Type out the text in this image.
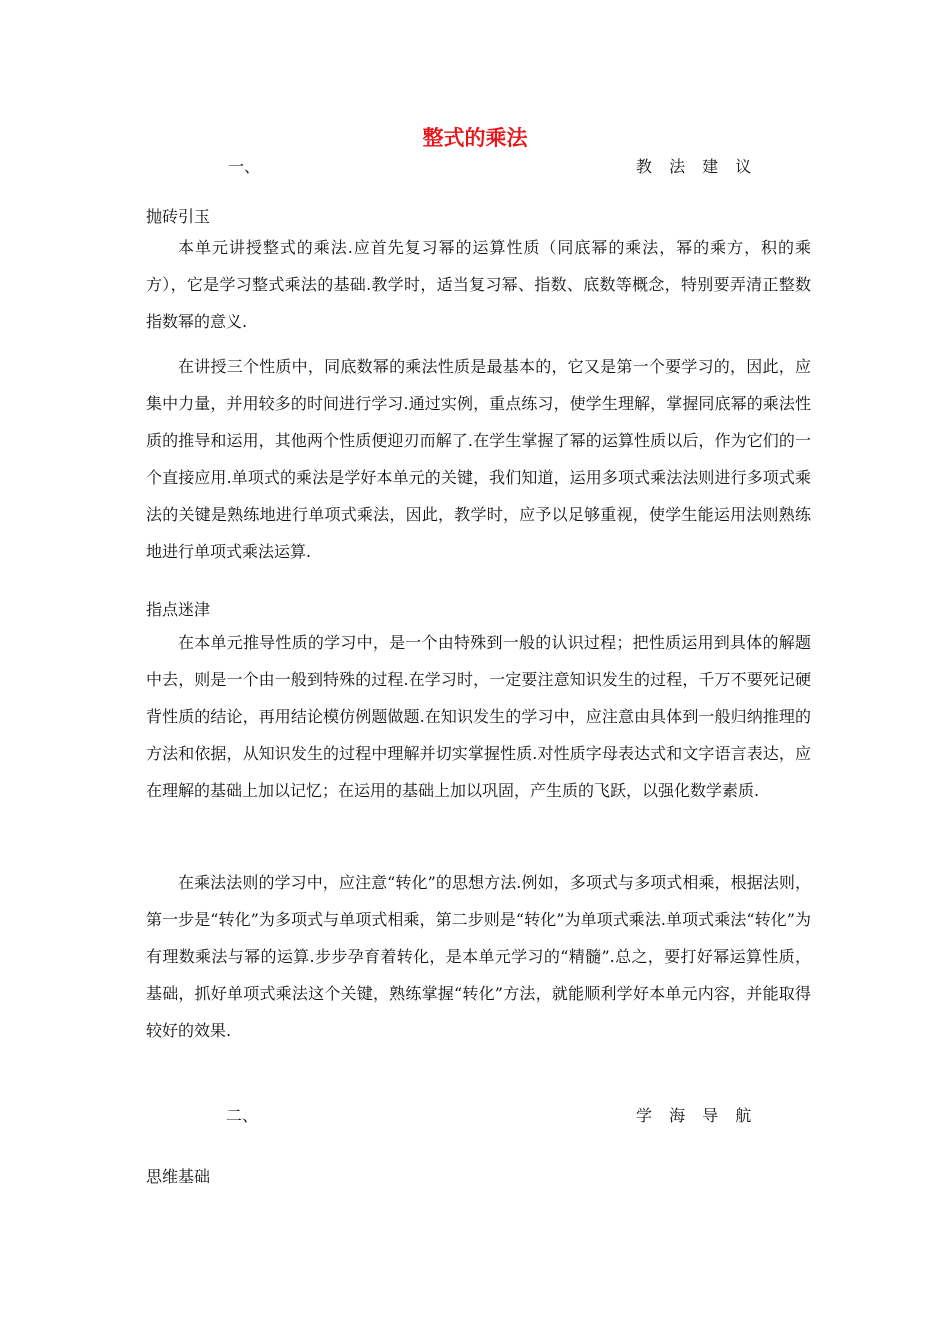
整式的乘法
一、	教 法 建 议
抛砖引玉

本单元讲授整式的乘法.应首先复习幂的运算性质（同底幂的乘法，幂的乘方，积的乘方），它是学习整式乘法的基础.教学时，适当复习幂、指数、底数等概念，特别要弄清正整数指数幂的意义.

在讲授三个性质中，同底数幂的乘法性质是最基本的，它又是第一个要学习的，因此，应集中力量，并用较多的时间进行学习.通过实例，重点练习，使学生理解，掌握同底幂的乘法性质的推导和运用，其他两个性质便迎刃而解了.在学生掌握了幂的运算性质以后，作为它们的一个直接应用.单项式的乘法是学好本单元的关键，我们知道，运用多项式乘法法则进行多项式乘法的关键是熟练地进行单项式乘法，因此，教学时，应予以足够重视，使学生能运用法则熟练地进行单项式乘法运算.

指点迷津

在本单元推导性质的学习中，是一个由特殊到一般的认识过程；把性质运用到具体的解题中去，则是一个由一般到特殊的过程.在学习时，一定要注意知识发生的过程，千万不要死记硬背性质的结论，再用结论模仿例题做题.在知识发生的学习中，应注意由具体到一般归纳推理的方法和依据，从知识发生的过程中理解并切实掌握性质.对性质字母表达式和文字语言表达，应在理解的基础上加以记忆；在运用的基础上加以巩固，产生质的飞跃，以强化数学素质.

在乘法法则的学习中，应注意“转化”的思想方法.例如，多项式与多项式相乘，根据法则，第一步是“转化”为多项式与单项式相乘，第二步则是“转化”为单项式乘法.单项式乘法“转化”为有理数乘法与幂的运算.步步孕育着转化，是本单元学习的“精髓”.总之，要打好幂运算性质，基础，抓好单项式乘法这个关键，熟练掌握“转化”方法，就能顺利学好本单元内容，并能取得较好的效果.

二、	学 海 导 航
思维基础
